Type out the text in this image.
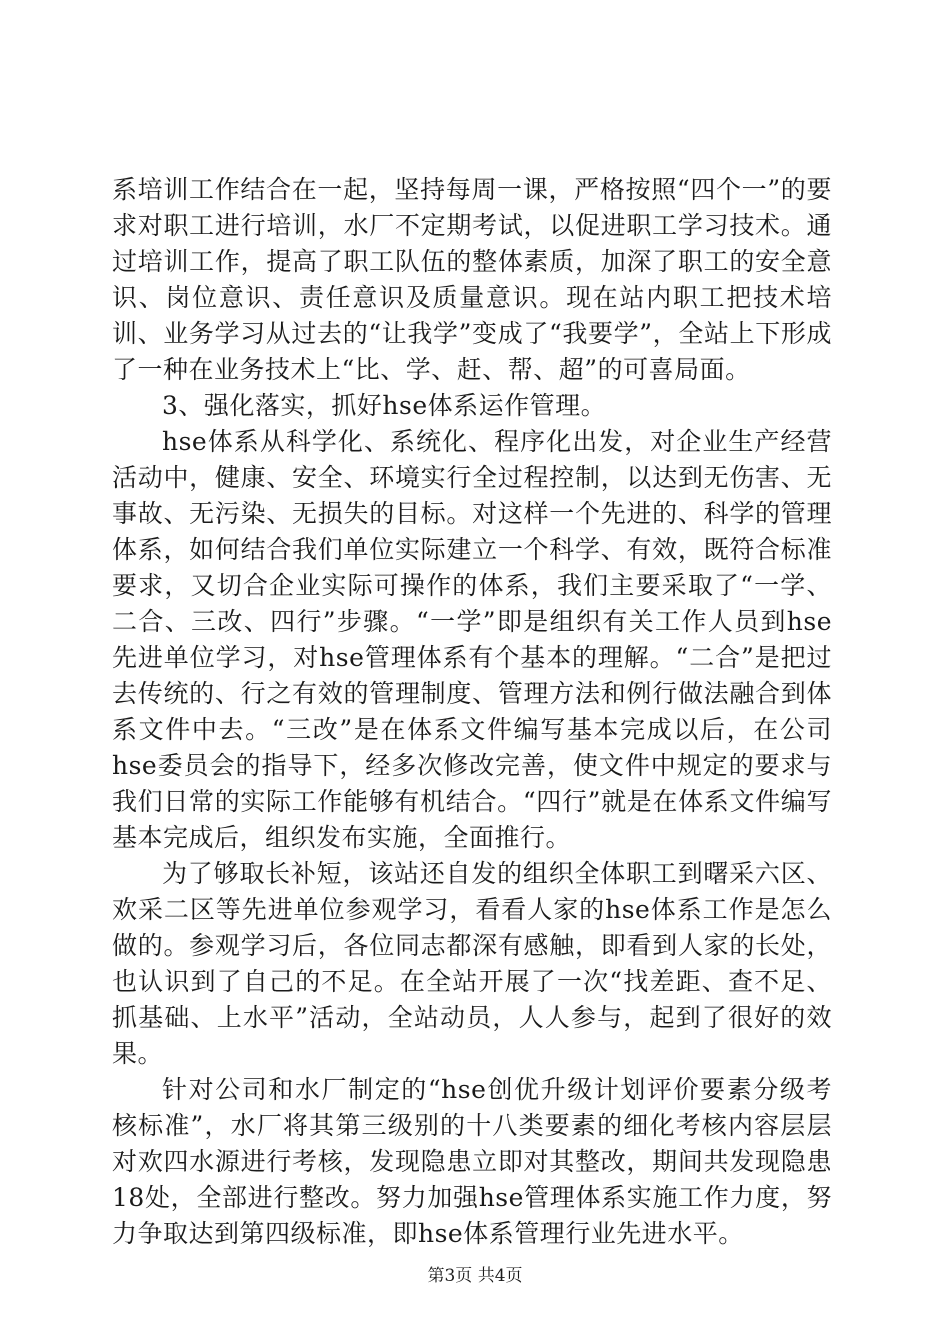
系培训工作结合在一起，坚持每周一课，严格按照“四个一”的要求对职工进行培训，水厂不定期考试，以促进职工学习技术。通过培训工作，提高了职工队伍的整体素质，加深了职工的安全意识、岗位意识、责任意识及质量意识。现在站内职工把技术培训、业务学习从过去的“让我学”变成了“我要学”，全站上下形成了一种在业务技术上“比、学、赶、帮、超”的可喜局面。

3、强化落实，抓好hse体系运作管理。

hse体系从科学化、系统化、程序化出发，对企业生产经营活动中，健康、安全、环境实行全过程控制，以达到无伤害、无事故、无污染、无损失的目标。对这样一个先进的、科学的管理体系，如何结合我们单位实际建立一个科学、有效，既符合标准要求，又切合企业实际可操作的体系，我们主要采取了“一学、二合、三改、四行”步骤。“一学”即是组织有关工作人员到hse先进单位学习，对hse管理体系有个基本的理解。“二合”是把过去传统的、行之有效的管理制度、管理方法和例行做法融合到体系文件中去。“三改”是在体系文件编写基本完成以后，在公司hse委员会的指导下，经多次修改完善，使文件中规定的要求与我们日常的实际工作能够有机结合。“四行”就是在体系文件编写基本完成后，组织发布实施，全面推行。

为了够取长补短，该站还自发的组织全体职工到曙采六区、欢采二区等先进单位参观学习，看看人家的hse体系工作是怎么做的。参观学习后，各位同志都深有感触，即看到人家的长处，也认识到了自己的不足。在全站开展了一次“找差距、查不足、抓基础、上水平”活动，全站动员，人人参与，起到了很好的效果。

针对公司和水厂制定的“hse创优升级计划评价要素分级考核标准”，水厂将其第三级别的十八类要素的细化考核内容层层对欢四水源进行考核，发现隐患立即对其整改，期间共发现隐患18处，全部进行整改。努力加强hse管理体系实施工作力度，努力争取达到第四级标准，即hse体系管理行业先进水平。

第3页 共4页
